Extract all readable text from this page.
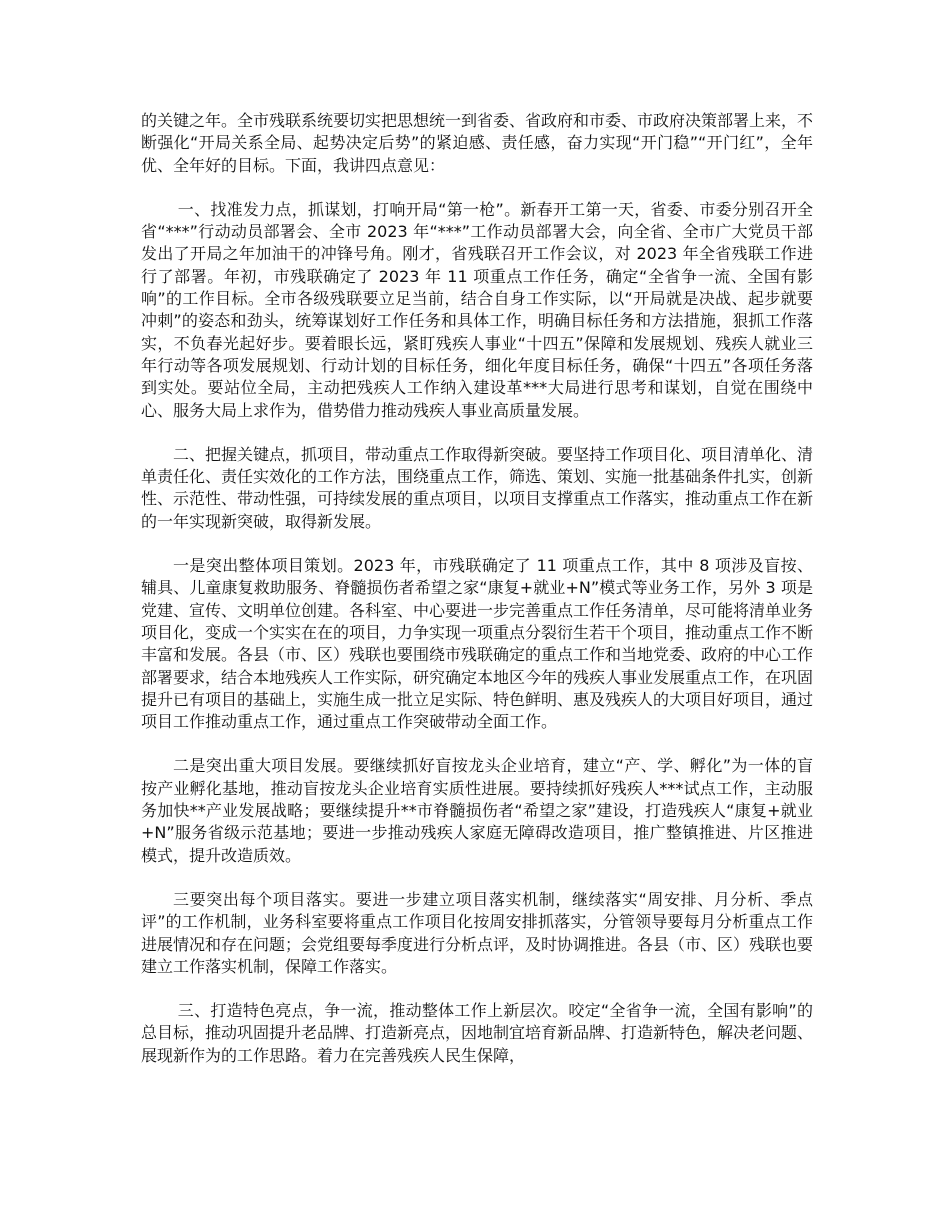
的关键之年。全市残联系统要切实把思想统一到省委、省政府和市委、市政府决策部署上来，不断强化“开局关系全局、起势决定后势”的紧迫感、责任感，奋力实现“开门稳”“开门红”，全年优、全年好的目标。下面，我讲四点意见：

一、找准发力点，抓谋划，打响开局“第一枪”。新春开工第一天，省委、市委分别召开全省“***”行动动员部署会、全市 2023 年“***”工作动员部署大会，向全省、全市广大党员干部发出了开局之年加油干的冲锋号角。刚才，省残联召开工作会议，对 2023 年全省残联工作进行了部署。年初，市残联确定了 2023 年 11 项重点工作任务，确定“全省争一流、全国有影响”的工作目标。全市各级残联要立足当前，结合自身工作实际，以“开局就是决战、起步就要冲刺”的姿态和劲头，统筹谋划好工作任务和具体工作，明确目标任务和方法措施，狠抓工作落实，不负春光起好步。要着眼长远，紧盯残疾人事业“十四五”保障和发展规划、残疾人就业三年行动等各项发展规划、行动计划的目标任务，细化年度目标任务，确保“十四五”各项任务落到实处。要站位全局，主动把残疾人工作纳入建设革***大局进行思考和谋划，自觉在围绕中心、服务大局上求作为，借势借力推动残疾人事业高质量发展。

二、把握关键点，抓项目，带动重点工作取得新突破。要坚持工作项目化、项目清单化、清单责任化、责任实效化的工作方法，围绕重点工作，筛选、策划、实施一批基础条件扎实，创新性、示范性、带动性强，可持续发展的重点项目，以项目支撑重点工作落实，推动重点工作在新的一年实现新突破，取得新发展。

一是突出整体项目策划。2023 年，市残联确定了 11 项重点工作，其中 8 项涉及盲按、辅具、儿童康复救助服务、脊髓损伤者希望之家“康复+就业+N”模式等业务工作，另外 3 项是党建、宣传、文明单位创建。各科室、中心要进一步完善重点工作任务清单，尽可能将清单业务项目化，变成一个实实在在的项目，力争实现一项重点分裂衍生若干个项目，推动重点工作不断丰富和发展。各县（市、区）残联也要围绕市残联确定的重点工作和当地党委、政府的中心工作部署要求，结合本地残疾人工作实际，研究确定本地区今年的残疾人事业发展重点工作，在巩固提升已有项目的基础上，实施生成一批立足实际、特色鲜明、惠及残疾人的大项目好项目，通过项目工作推动重点工作，通过重点工作突破带动全面工作。

二是突出重大项目发展。要继续抓好盲按龙头企业培育，建立“产、学、孵化”为一体的盲按产业孵化基地，推动盲按龙头企业培育实质性进展。要持续抓好残疾人***试点工作，主动服务加快**产业发展战略；要继续提升**市脊髓损伤者“希望之家”建设，打造残疾人“康复+就业+N”服务省级示范基地；要进一步推动残疾人家庭无障碍改造项目，推广整镇推进、片区推进模式，提升改造质效。

三要突出每个项目落实。要进一步建立项目落实机制，继续落实“周安排、月分析、季点评”的工作机制，业务科室要将重点工作项目化按周安排抓落实，分管领导要每月分析重点工作进展情况和存在问题；会党组要每季度进行分析点评，及时协调推进。各县（市、区）残联也要建立工作落实机制，保障工作落实。

三、打造特色亮点，争一流，推动整体工作上新层次。咬定“全省争一流，全国有影响”的总目标，推动巩固提升老品牌、打造新亮点，因地制宜培育新品牌、打造新特色，解决老问题、展现新作为的工作思路。着力在完善残疾人民生保障，
